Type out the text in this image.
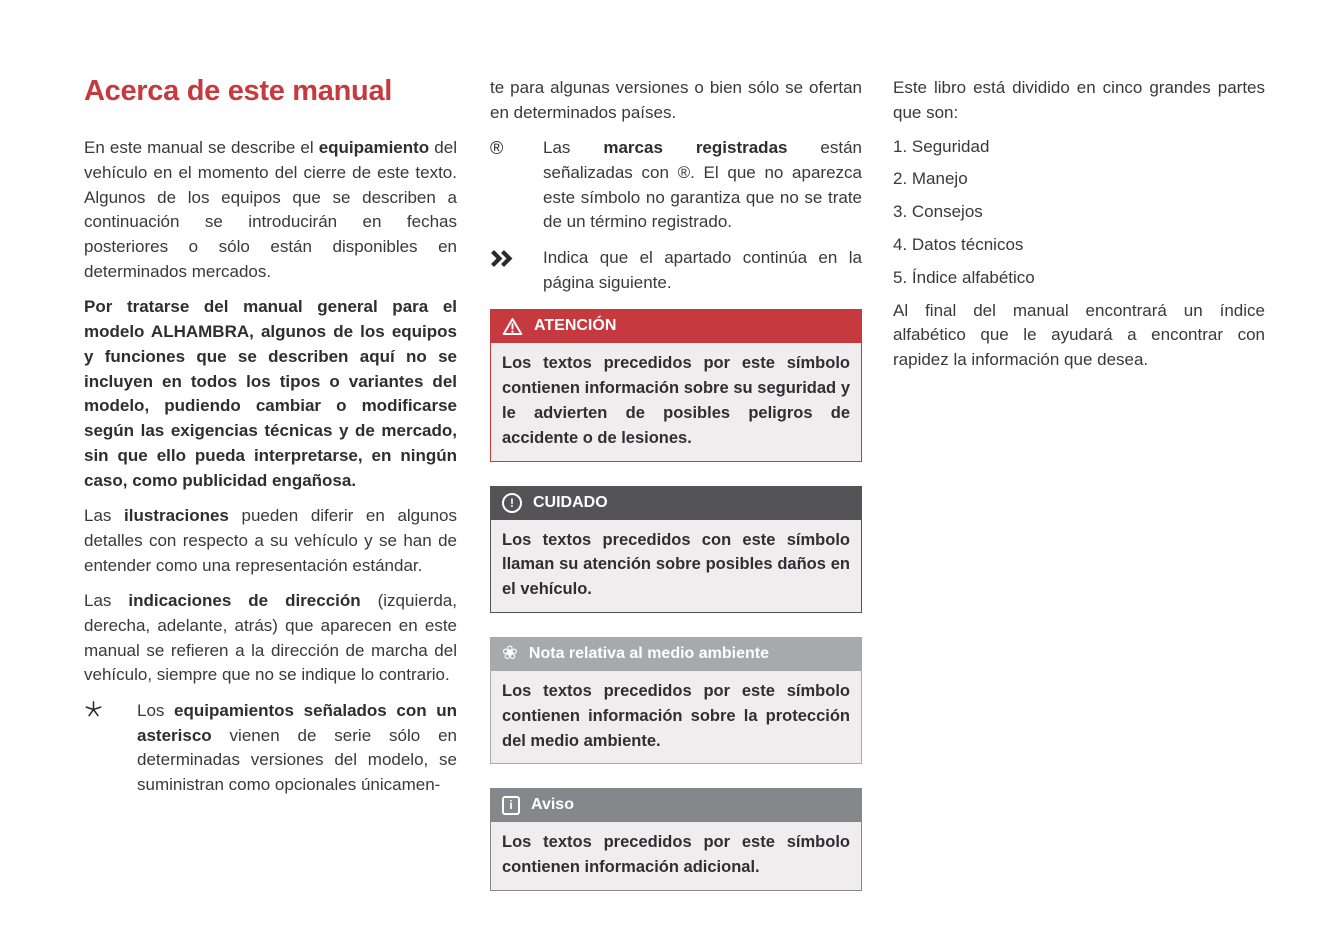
Acerca de este manual

En este manual se describe el equipamiento del vehículo en el momento del cierre de este texto. Algunos de los equipos que se describen a continuación se introducirán en fechas posteriores o sólo están disponibles en determinados mercados.

Por tratarse del manual general para el modelo ALHAMBRA, algunos de los equipos y funciones que se describen aquí no se incluyen en todos los tipos o variantes del modelo, pudiendo cambiar o modificarse según las exigencias técnicas y de mercado, sin que ello pueda interpretarse, en ningún caso, como publicidad engañosa.

Las ilustraciones pueden diferir en algunos detalles con respecto a su vehículo y se han de entender como una representación estándar.

Las indicaciones de dirección (izquierda, derecha, adelante, atrás) que aparecen en este manual se refieren a la dirección de marcha del vehículo, siempre que no se indique lo contrario.

Los equipamientos señalados con un asterisco vienen de serie sólo en determinadas versiones del modelo, se suministran como opcionales únicamen-

te para algunas versiones o bien sólo se ofertan en determinados países.

®	Las marcas registradas están señalizadas con ®. El que no aparezca este símbolo no garantiza que no se trate de un término registrado.
Indica que el apartado continúa en la página siguiente.
ATENCIÓN
Los textos precedidos por este símbolo contienen información sobre su seguridad y le advierten de posibles peligros de accidente o de lesiones.
!	CUIDADO
Los textos precedidos con este símbolo llaman su atención sobre posibles daños en el vehículo.
❀ Nota relativa al medio ambiente
Los textos precedidos por este símbolo contienen información sobre la protección del medio ambiente.
i	Aviso
Los textos precedidos por este símbolo contienen información adicional.

Este libro está dividido en cinco grandes partes que son:

1. Seguridad
2. Manejo
3. Consejos
4. Datos técnicos
5. Índice alfabético

Al final del manual encontrará un índice alfabético que le ayudará a encontrar con rapidez la información que desea.
